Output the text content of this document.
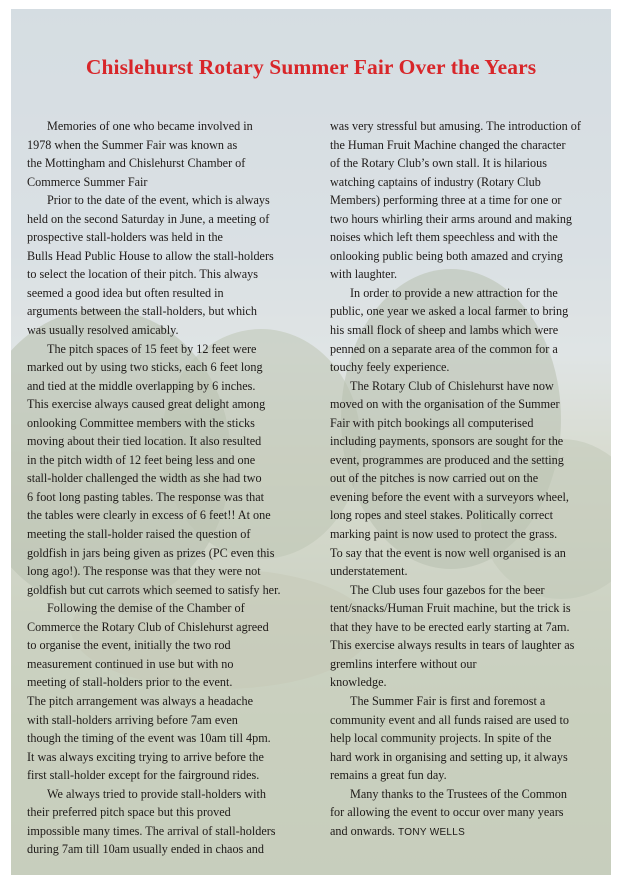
Chislehurst Rotary Summer Fair Over the Years

Memories of one who became involved in
1978 when the Summer Fair was known as
the Mottingham and Chislehurst Chamber of
Commerce Summer Fair

Prior to the date of the event, which is always
held on the second Saturday in June, a meeting of
prospective stall-holders was held in the
Bulls Head Public House to allow the stall-holders
to select the location of their pitch. This always
seemed a good idea but often resulted in
arguments between the stall-holders, but which
was usually resolved amicably.

The pitch spaces of 15 feet by 12 feet were
marked out by using two sticks, each 6 feet long
and tied at the middle overlapping by 6 inches.
This exercise always caused great delight among
onlooking Committee members with the sticks
moving about their tied location. It also resulted
in the pitch width of 12 feet being less and one
stall-holder challenged the width as she had two
6 foot long pasting tables. The response was that
the tables were clearly in excess of 6 feet!! At one
meeting the stall-holder raised the question of
goldfish in jars being given as prizes (PC even this
long ago!). The response was that they were not
goldfish but cut carrots which seemed to satisfy her.

Following the demise of the Chamber of
Commerce the Rotary Club of Chislehurst agreed
to organise the event, initially the two rod
measurement continued in use but with no
meeting of stall-holders prior to the event.

The pitch arrangement was always a headache
with stall-holders arriving before 7am even
though the timing of the event was 10am till 4pm.
It was always exciting trying to arrive before the
first stall-holder except for the fairground rides.

We always tried to provide stall-holders with
their preferred pitch space but this proved
impossible many times. The arrival of stall-holders
during 7am till 10am usually ended in chaos and

was very stressful but amusing. The introduction of
the Human Fruit Machine changed the character
of the Rotary Club’s own stall. It is hilarious
watching captains of industry (Rotary Club
Members) performing three at a time for one or
two hours whirling their arms around and making
noises which left them speechless and with the
onlooking public being both amazed and crying
with laughter.

In order to provide a new attraction for the
public, one year we asked a local farmer to bring
his small flock of sheep and lambs which were
penned on a separate area of the common for a
touchy feely experience.

The Rotary Club of Chislehurst have now
moved on with the organisation of the Summer
Fair with pitch bookings all computerised
including payments, sponsors are sought for the
event, programmes are produced and the setting
out of the pitches is now carried out on the
evening before the event with a surveyors wheel,
long ropes and steel stakes. Politically correct
marking paint is now used to protect the grass.
To say that the event is now well organised is an
understatement.

The Club uses four gazebos for the beer
tent/snacks/Human Fruit machine, but the trick is
that they have to be erected early starting at 7am.
This exercise always results in tears of laughter as
gremlins interfere without our
knowledge.

The Summer Fair is first and foremost a
community event and all funds raised are used to
help local community projects. In spite of the
hard work in organising and setting up, it always
remains a great fun day.

Many thanks to the Trustees of the Common
for allowing the event to occur over many years
and onwards. TONY WELLS
